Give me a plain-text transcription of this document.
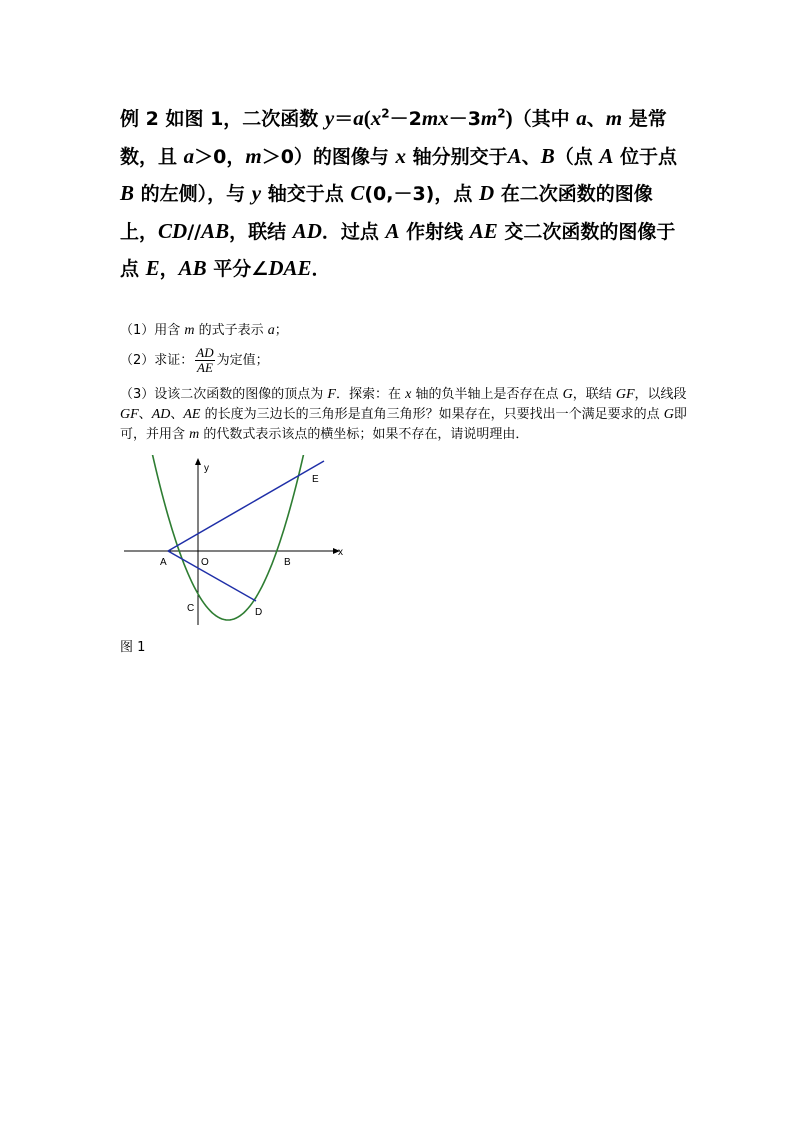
例 2 如图 1，二次函数 $y=a(x^2-2mx-3m^2)$（其中 a、m 是常数，且 a＞0，m＞0）的图像与 x 轴分别交于A、B（点 A 位于点 B 的左侧），与 y 轴交于点 C(0,－3)，点 D 在二次函数的图像上，CD//AB，联结 AD．过点 A 作射线 AE 交二次函数的图像于点 E，AB 平分∠DAE．
（1）用含 m 的式子表示 a；
（2）求证： $\frac{AD}{AE}$ 为定值；
（3）设该二次函数的图像的顶点为 F．探索：在 x 轴的负半轴上是否存在点 G，联结 GF，以线段 GF、AD、AE 的长度为三边长的三角形是直角三角形？如果存在，只要找出一个满足要求的点 G即可，并用含 m 的代数式表示该点的横坐标；如果不存在，请说明理由．
y
x
A	O	B
C	D
E
图 1
